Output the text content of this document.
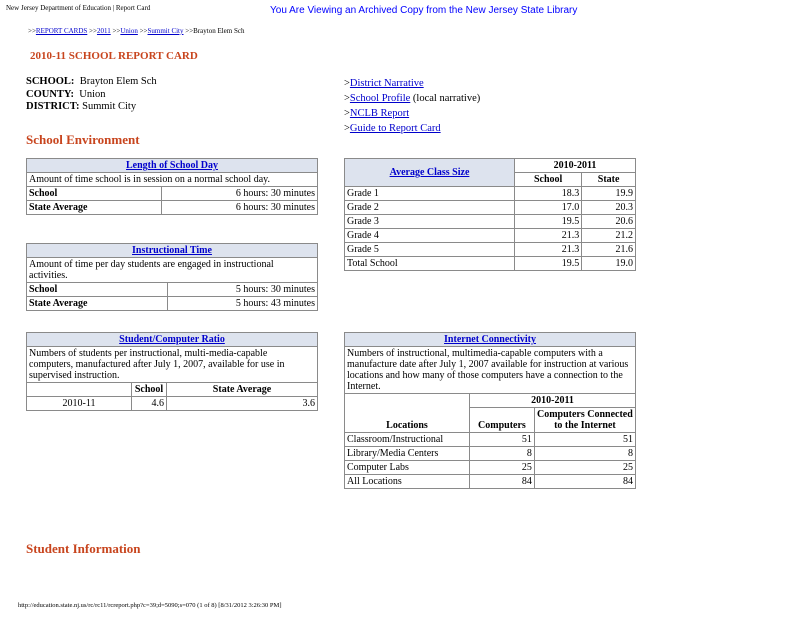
New Jersey Department of Education | Report Card	You Are Viewing an Archived Copy from the New Jersey State Library
>>REPORT CARDS >>2011 >>Union >>Summit City >>Brayton Elem Sch
2010-11 SCHOOL REPORT CARD
SCHOOL: Brayton Elem Sch
COUNTY: Union
DISTRICT: Summit City
>District Narrative
>School Profile (local narrative)
>NCLB Report
>Guide to Report Card
School Environment
Length of School Day	
Amount of time school is in session on a normal school day.	
School	6 hours: 30 minutes
State Average	6 hours: 30 minutes
Instructional Time	
Amount of time per day students are engaged in instructional activities.	
School	5 hours: 30 minutes
State Average	5 hours: 43 minutes
Student/Computer Ratio		
Numbers of students per instructional, multi-media-capable computers, manufactured after July 1, 2007, available for use in supervised instruction.		
	School	State Average
2010-11	4.6	3.6
Average Class Size	2010-2011	
	School	State
Grade 1	18.3	19.9
Grade 2	17.0	20.3
Grade 3	19.5	20.6
Grade 4	21.3	21.2
Grade 5	21.3	21.6
Total School	19.5	19.0
Internet Connectivity		
Numbers of instructional, multimedia-capable computers with a manufacture date after July 1, 2007 available for instruction at various locations and how many of those computers have a connection to the Internet.		
Locations	2010-2011	
	Computers	Computers Connected to the Internet
Classroom/Instructional	51	51
Library/Media Centers	8	8
Computer Labs	25	25
All Locations	84	84
Student Information
http://education.state.nj.us/rc/rc11/rcreport.php?c=39;d=5090;s=070 (1 of 8) [8/31/2012 3:26:30 PM]
